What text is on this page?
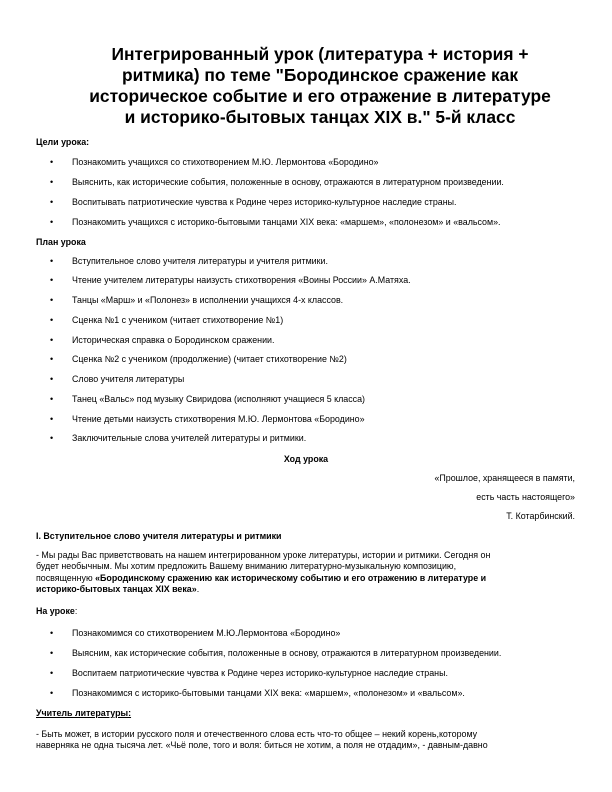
Интегрированный урок (литература + история +
ритмика) по теме "Бородинское сражение как
историческое событие и его отражение в литературе
и историко-бытовых танцах XIX в." 5-й класс
Цели урока:
•	Познакомить учащихся со стихотворением М.Ю. Лермонтова «Бородино»
•	Выяснить, как исторические события, положенные в основу, отражаются в литературном произведении.
•	Воспитывать патриотические чувства к Родине через историко-культурное наследие страны.
•	Познакомить учащихся с историко-бытовыми танцами XIX века: «маршем», «полонезом» и «вальсом».
План урока
•	Вступительное слово учителя литературы и учителя ритмики.
•	Чтение учителем литературы наизусть стихотворения «Воины России» А.Матяха.
•	Танцы «Марш» и «Полонез» в исполнении учащихся 4-х классов.
•	Сценка №1 с учеником (читает стихотворение №1)
•	Историческая справка о Бородинском сражении.
•	Сценка №2 с учеником (продолжение) (читает стихотворение №2)
•	Слово учителя литературы
•	Танец «Вальс» под музыку Свиридова (исполняют учащиеся 5 класса)
•	Чтение детьми наизусть стихотворения М.Ю. Лермонтова «Бородино»
•	Заключительные слова учителей литературы и ритмики.
Ход урока
«Прошлое, хранящееся в памяти,
есть часть настоящего»
Т. Котарбинский.
I. Вступительное слово учителя литературы и ритмики
- Мы рады Вас приветствовать на нашем интегрированном уроке литературы, истории и ритмики. Сегодня он
будет необычным. Мы хотим предложить Вашему вниманию литературно-музыкальную композицию,
посвященную «Бородинскому сражению как историческому событию и его отражению в литературе и
историко-бытовых танцах XIX века».
На уроке:
•	Познакомимся со стихотворением М.Ю.Лермонтова «Бородино»
•	Выясним, как исторические события, положенные в основу, отражаются в литературном произведении.
•	Воспитаем патриотические чувства к Родине через историко-культурное наследие страны.
•	Познакомимся с историко-бытовыми танцами XIX века: «маршем», «полонезом» и «вальсом».
Учитель литературы:
- Быть может, в истории русского поля и отечественного слова есть что-то общее – некий корень,которому
наверняка не одна тысяча лет. «Чьё поле, того и воля: биться не хотим, а поля не отдадим», - давным-давно
